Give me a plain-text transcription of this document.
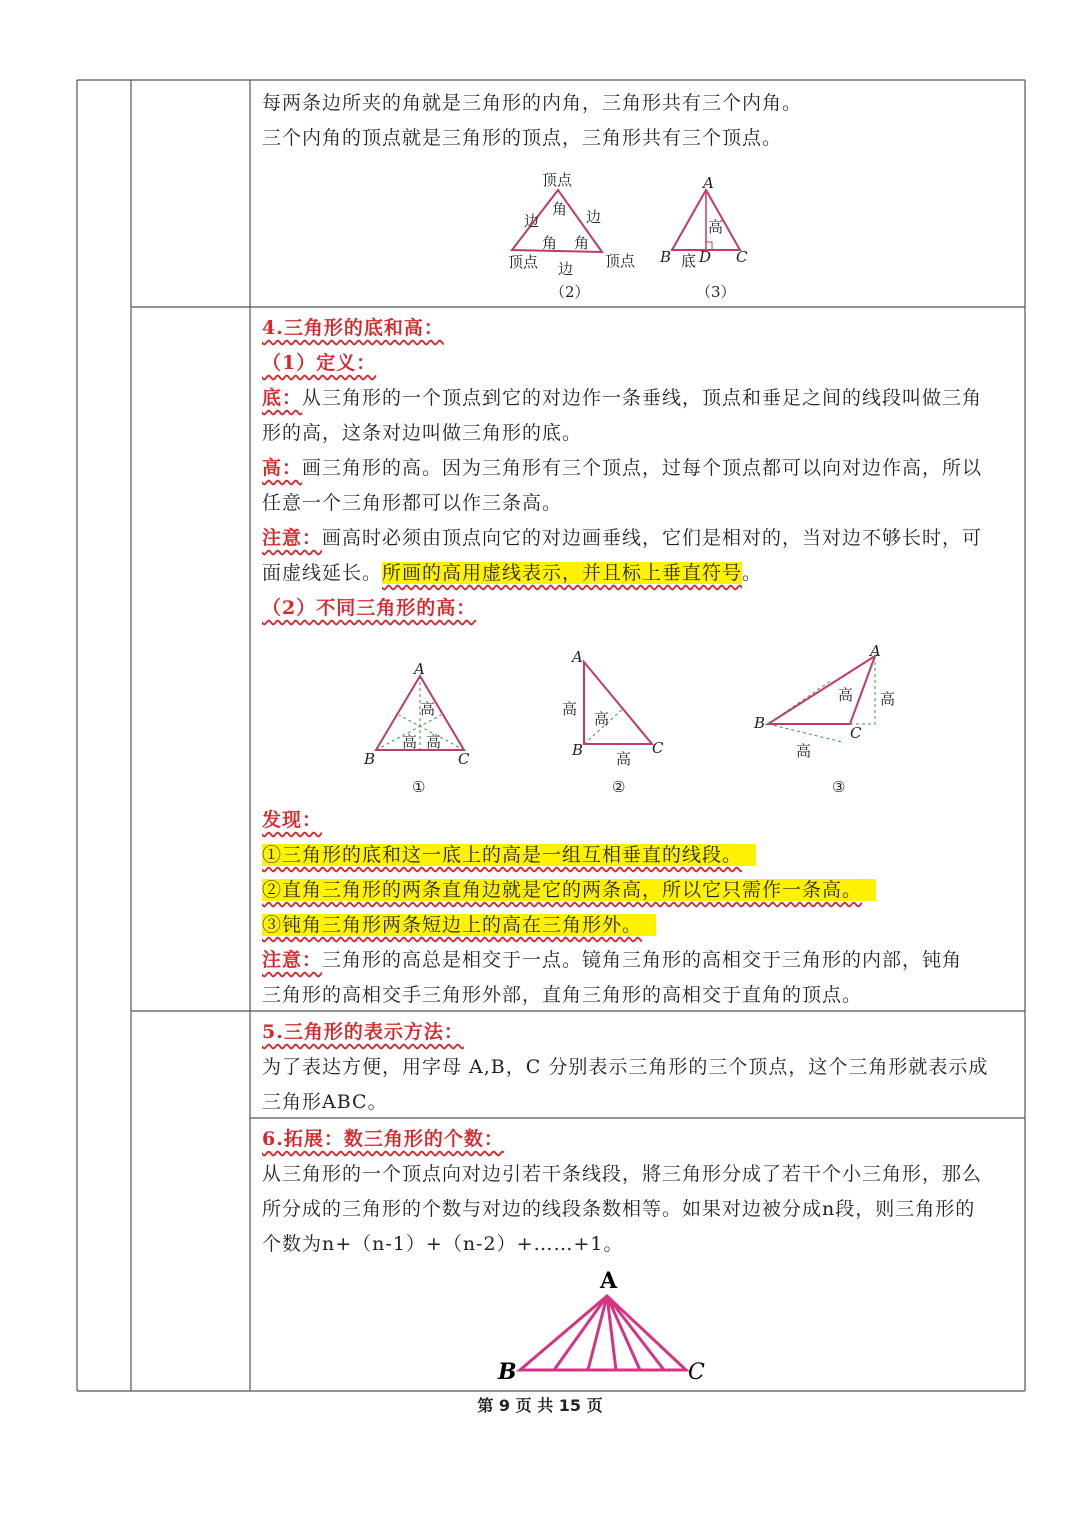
每两条边所夹的角就是三角形的内角，三角形共有三个内角。
三个内角的顶点就是三角形的顶点，三角形共有三个顶点。
顶点
角
边	边
角 角
顶点 边 顶点
（2）
A
高
B 底 D C
（3）
4.三角形的底和高：
（1）定义：
底：从三角形的一个顶点到它的对边作一条垂线，顶点和垂足之间的线段叫做三角
形的高，这条对边叫做三角形的底。
高：画三角形的高。因为三角形有三个顶点，过每个顶点都可以向对边作高，所以
任意一个三角形都可以作三条高。
注意：画高时必须由顶点向它的对边画垂线，它们是相对的，当对边不够长时，可
面虚线延长。所画的高用虚线表示，并且标上垂直符号。
（2）不同三角形的高：
A
B	C
高
高 高
①
A
B	C
高
高
高
②
A
B
C
高 高
高
③
发现：
①三角形的底和这一底上的高是一组互相垂直的线段。
②直角三角形的两条直角边就是它的两条高，所以它只需作一条高。
③钝角三角形两条短边上的高在三角形外。
注意：三角形的高总是相交于一点。镜角三角形的高相交于三角形的内部，钝角
三角形的高相交手三角形外部，直角三角形的高相交于直角的顶点。
5.三角形的表示方法：
为了表达方便，用字母 A,B，C 分别表示三角形的三个顶点，这个三角形就表示成
三角形ABC。
6.拓展：数三角形的个数：
从三角形的一个顶点向对边引若干条线段，將三角形分成了若干个小三角形，那么
所分成的三角形的个数与对边的线段条数相等。如果对边被分成n段，则三角形的
个数为n+（n-1）+（n-2）+……+1。
A
B	C
第 9 页 共 15 页
